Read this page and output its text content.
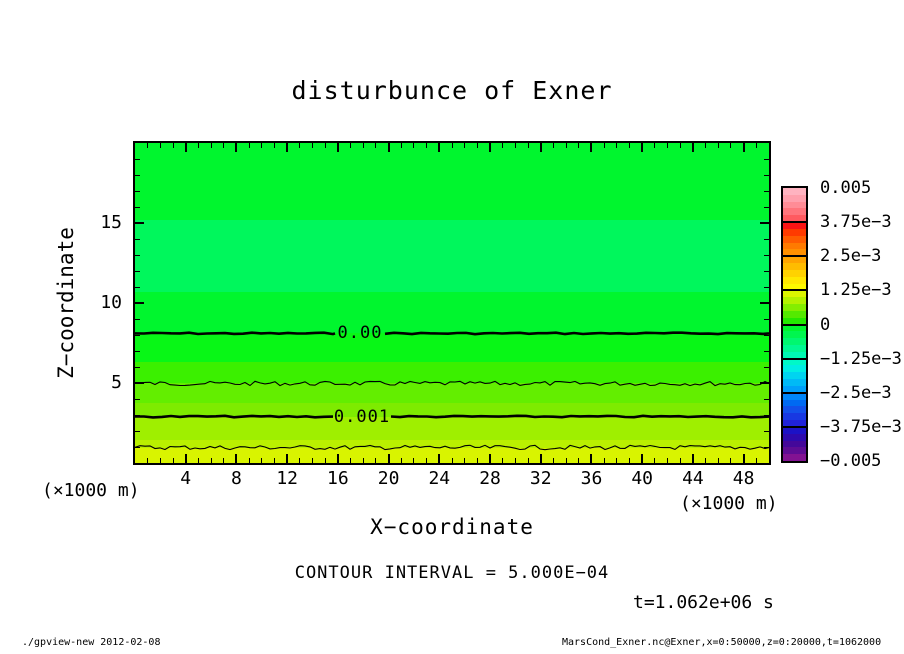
disturbunce of Exner
0.00
0.001
4 8 12 16 20 24 28 32 36 40 44 48
5
10
15
Z−coordinate
X−coordinate
(×1000 m)
(×1000 m)
0.005
3.75e−3
2.5e−3
1.25e−3
0
−1.25e−3
−2.5e−3
−3.75e−3
−0.005
CONTOUR INTERVAL = 5.000E−04
t=1.062e+06 s
./gpview-new 2012-02-08	MarsCond_Exner.nc@Exner,x=0:50000,z=0:20000,t=1062000
